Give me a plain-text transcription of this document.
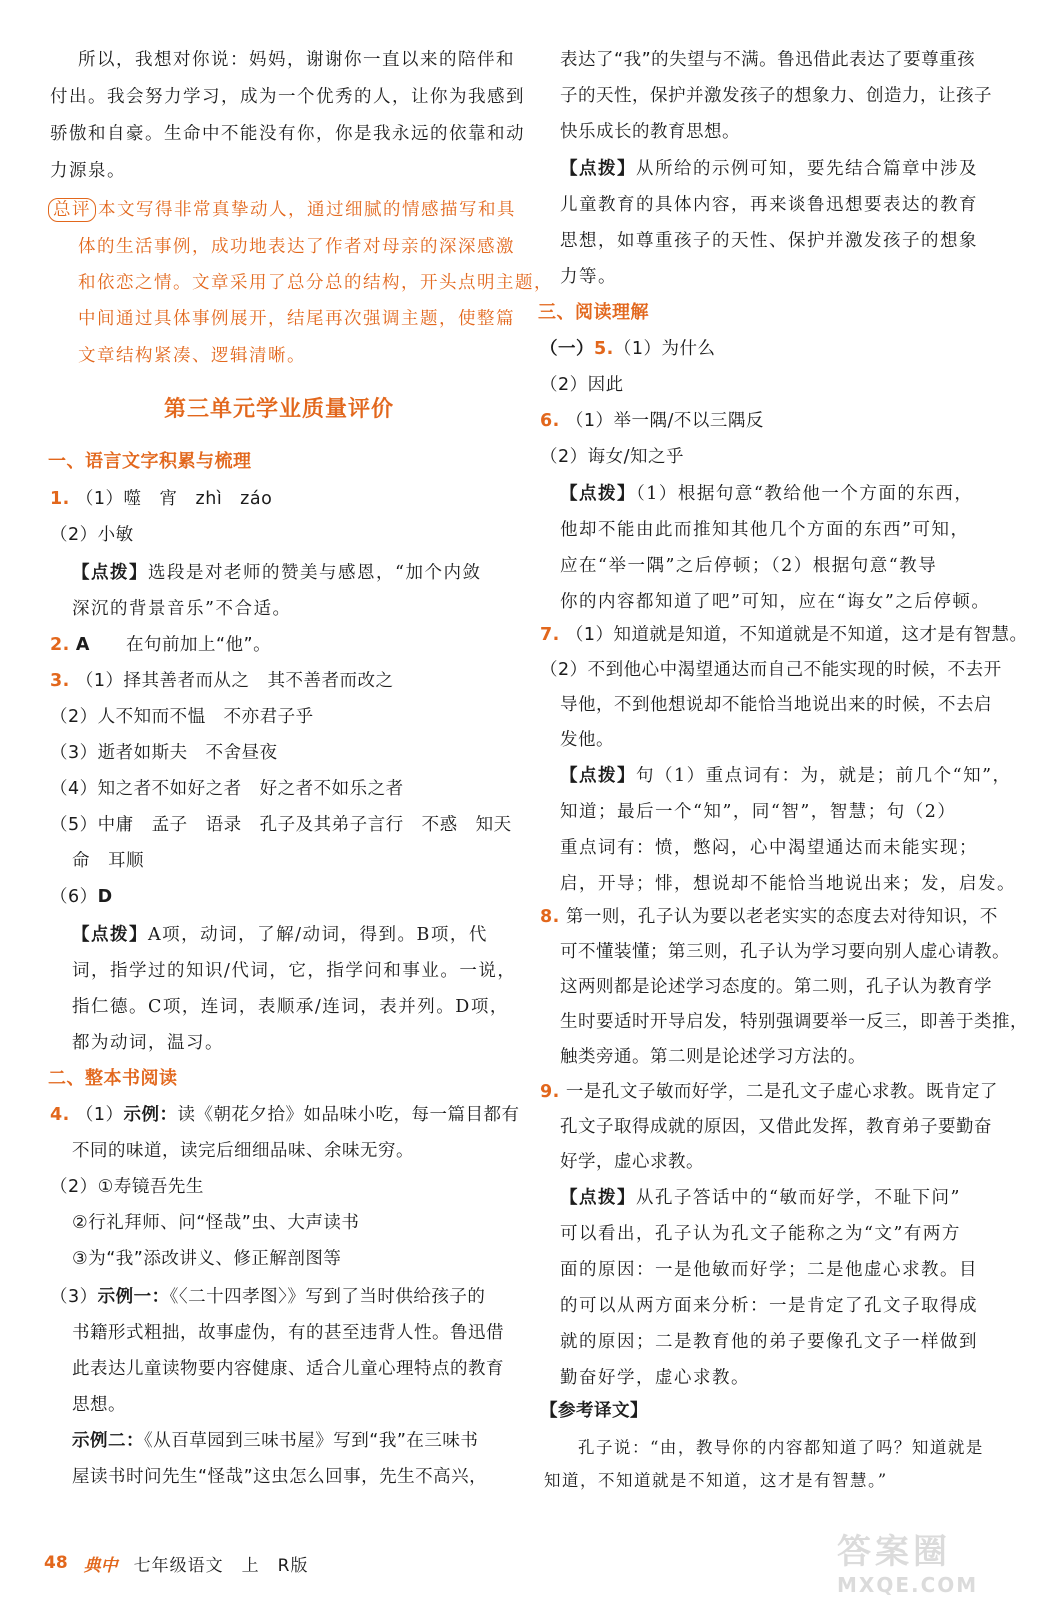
所以，我想对你说：妈妈，谢谢你一直以来的陪伴和

付出。我会努力学习，成为一个优秀的人，让你为我感到

骄傲和自豪。生命中不能没有你，你是我永远的依靠和动

力源泉。

总评 本文写得非常真挚动人，通过细腻的情感描写和具

体的生活事例，成功地表达了作者对母亲的深深感激

和依恋之情。文章采用了总分总的结构，开头点明主题，

中间通过具体事例展开，结尾再次强调主题，使整篇

文章结构紧凑、逻辑清晰。

第三单元学业质量评价

一、语言文字积累与梳理

1. （1）噬　宵　zhì　záo

（2）小敏

【点拨】选段是对老师的赞美与感恩，“加个内敛

深沉的背景音乐”不合适。

2. A　　 在句前加上“他”。

3. （1）择其善者而从之　其不善者而改之

（2）人不知而不愠　不亦君子乎

（3）逝者如斯夫　不舍昼夜

（4）知之者不如好之者　好之者不如乐之者

（5）中庸　孟子　语录　孔子及其弟子言行　不惑　知天

命　耳顺

（6）D

【点拨】A项，动词，了解/动词，得到。B项，代

词，指学过的知识/代词，它，指学问和事业。一说，

指仁德。C项，连词，表顺承/连词，表并列。D项，

都为动词，温习。

二、整本书阅读

4. （1）示例：读《朝花夕拾》如品味小吃，每一篇目都有

不同的味道，读完后细细品味、余味无穷。

（2）①寿镜吾先生

②行礼拜师、问“怪哉”虫、大声读书

③为“我”添改讲义、修正解剖图等

（3）示例一：《〈二十四孝图〉》写到了当时供给孩子的

书籍形式粗拙，故事虚伪，有的甚至违背人性。鲁迅借

此表达儿童读物要内容健康、适合儿童心理特点的教育

思想。

示例二：《从百草园到三味书屋》写到“我”在三味书

屋读书时问先生“怪哉”这虫怎么回事，先生不高兴，

表达了“我”的失望与不满。鲁迅借此表达了要尊重孩

子的天性，保护并激发孩子的想象力、创造力，让孩子

快乐成长的教育思想。

【点拨】从所给的示例可知，要先结合篇章中涉及

儿童教育的具体内容，再来谈鲁迅想要表达的教育

思想，如尊重孩子的天性、保护并激发孩子的想象

力等。

三、阅读理解

（一）5.（1）为什么

（2）因此

6. （1）举一隅/不以三隅反

（2）诲女/知之乎

【点拨】（1）根据句意“教给他一个方面的东西，

他却不能由此而推知其他几个方面的东西”可知，

应在“举一隅”之后停顿；（2）根据句意“教导

你的内容都知道了吧”可知，应在“诲女”之后停顿。

7. （1）知道就是知道，不知道就是不知道，这才是有智慧。

（2）不到他心中渴望通达而自己不能实现的时候，不去开

导他，不到他想说却不能恰当地说出来的时候，不去启

发他。

【点拨】句（1）重点词有：为，就是；前几个“知”，

知道；最后一个“知”，同“智”，智慧；句（2）

重点词有：愤，憋闷，心中渴望通达而未能实现；

启，开导；悱，想说却不能恰当地说出来；发，启发。

8. 第一则，孔子认为要以老老实实的态度去对待知识，不

可不懂装懂；第三则，孔子认为学习要向别人虚心请教。

这两则都是论述学习态度的。第二则，孔子认为教育学

生时要适时开导启发，特别强调要举一反三，即善于类推，

触类旁通。第二则是论述学习方法的。

9. 一是孔文子敏而好学，二是孔文子虚心求教。既肯定了

孔文子取得成就的原因，又借此发挥，教育弟子要勤奋

好学，虚心求教。

【点拨】从孔子答话中的“敏而好学，不耻下问”

可以看出，孔子认为孔文子能称之为“文”有两方

面的原因：一是他敏而好学；二是他虚心求教。目

的可以从两方面来分析：一是肯定了孔文子取得成

就的原因；二是教育他的弟子要像孔文子一样做到

勤奋好学，虚心求教。

【参考译文】

孔子说：“由，教导你的内容都知道了吗？知道就是

知道，不知道就是不知道，这才是有智慧。”

48 典中 七年级语文　上　R版	答案圈
MXQE.COM
